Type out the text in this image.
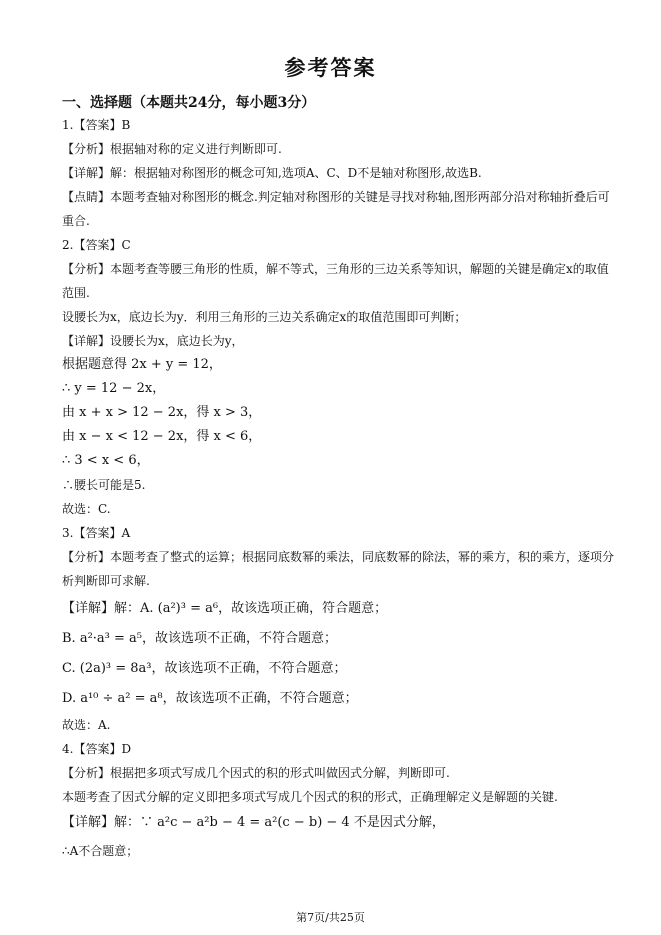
参考答案
一、选择题（本题共24分，每小题3分）
1.【答案】B
【分析】根据轴对称的定义进行判断即可.
【详解】解：根据轴对称图形的概念可知,选项A、C、D不是轴对称图形,故选B.
【点睛】本题考查轴对称图形的概念.判定轴对称图形的关键是寻找对称轴,图形两部分沿对称轴折叠后可
重合.
2.【答案】C
【分析】本题考查等腰三角形的性质，解不等式，三角形的三边关系等知识，解题的关键是确定x的取值
范围.
设腰长为x，底边长为y．利用三角形的三边关系确定x的取值范围即可判断；
【详解】设腰长为x，底边长为y，
根据题意得 2x + y = 12，
∴ y = 12 − 2x，
由 x + x > 12 − 2x，得 x > 3，
由 x − x < 12 − 2x，得 x < 6，
∴ 3 < x < 6，
∴腰长可能是5.
故选：C.
3.【答案】A
【分析】本题考查了整式的运算；根据同底数幂的乘法，同底数幂的除法，幂的乘方，积的乘方，逐项分
析判断即可求解.
【详解】解：A. (a²)³ = a⁶，故该选项正确，符合题意；
B. a²·a³ = a⁵，故该选项不正确，不符合题意；
C. (2a)³ = 8a³，故该选项不正确，不符合题意；
D. a¹⁰ ÷ a² = a⁸，故该选项不正确，不符合题意；
故选：A.
4.【答案】D
【分析】根据把多项式写成几个因式的积的形式叫做因式分解，判断即可.
本题考查了因式分解的定义即把多项式写成几个因式的积的形式，正确理解定义是解题的关键.
【详解】解：∵ a²c − a²b − 4 = a²(c − b) − 4 不是因式分解，
∴A不合题意；
第7页/共25页
